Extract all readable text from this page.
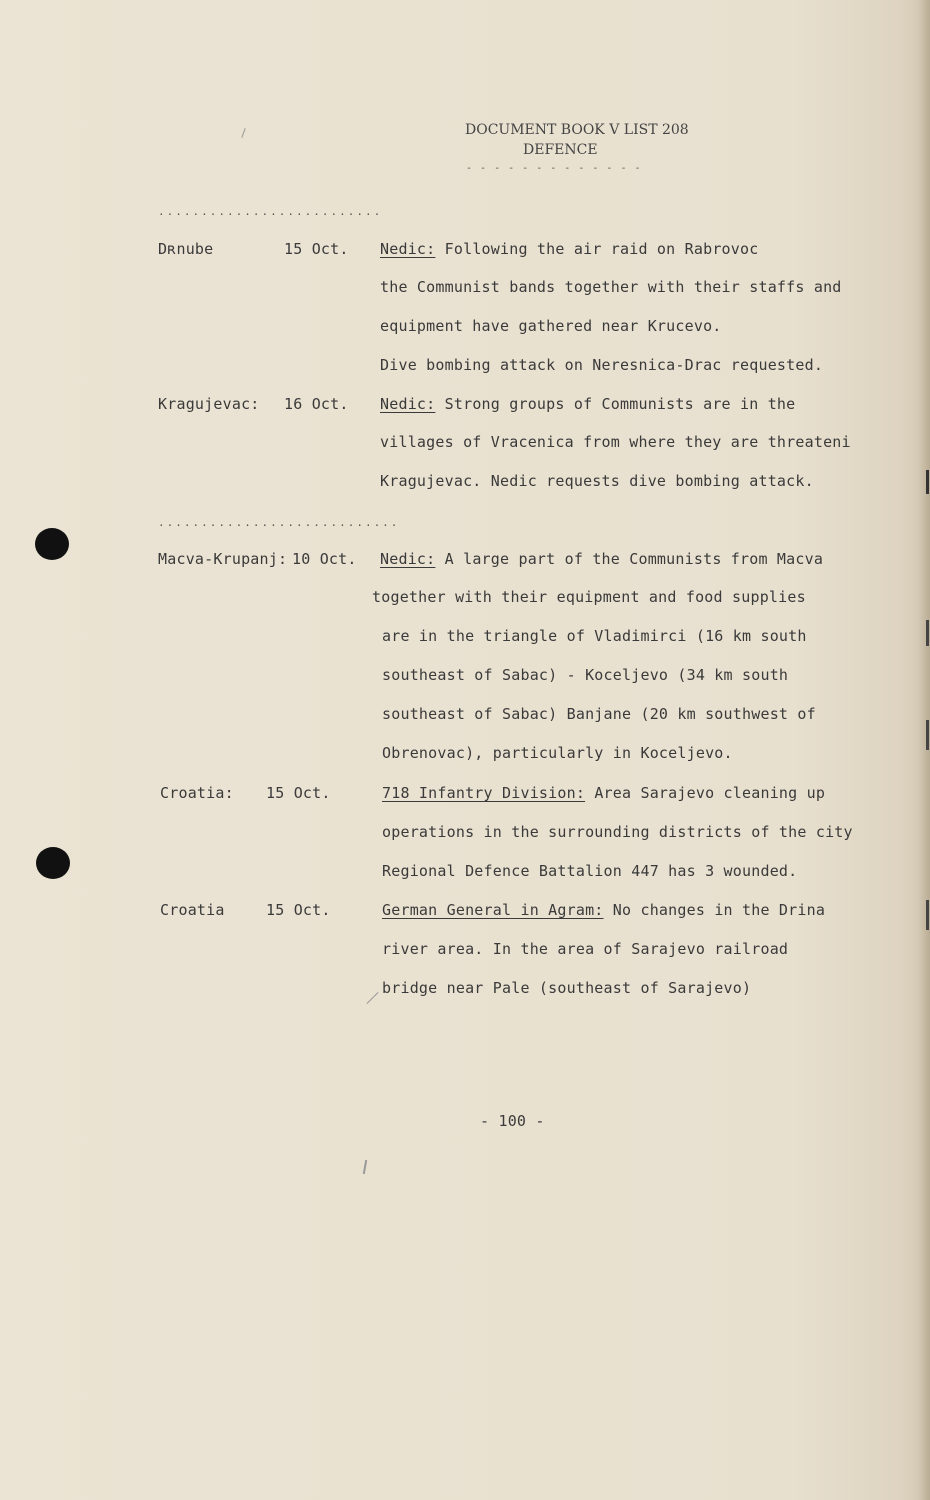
DOCUMENT BOOK V LIST 208
DEFENCE
- - - - - - - - - - - - -
..........................
Dʀnube	15 Oct. Nedic: Following the air raid on Rabrovoc
the Communist bands together with their staffs and
equipment have gathered near Krucevo.
Dive bombing attack on Neresnica-Drac requested.
Kragujevac: 16 Oct. Nedic: Strong groups of Communists are in the
villages of Vracenica from where they are threateni
Kragujevac. Nedic requests dive bombing attack.
............................
Macva-Krupanj: 10 Oct. Nedic: A large part of the Communists from Macva
together with their equipment and food supplies
are in the triangle of Vladimirci (16 km south
southeast of Sabac) - Koceljevo (34 km south
southeast of Sabac) Banjane (20 km southwest of
Obrenovac), particularly in Koceljevo.
Croatia: 15 Oct.	718 Infantry Division: Area Sarajevo cleaning up
operations in the surrounding districts of the city
Regional Defence Battalion 447 has 3 wounded.
Croatia	15 Oct.	German General in Agram: No changes in the Drina
river area. In the area of Sarajevo railroad
bridge near Pale (southeast of Sarajevo)
- 100 -
